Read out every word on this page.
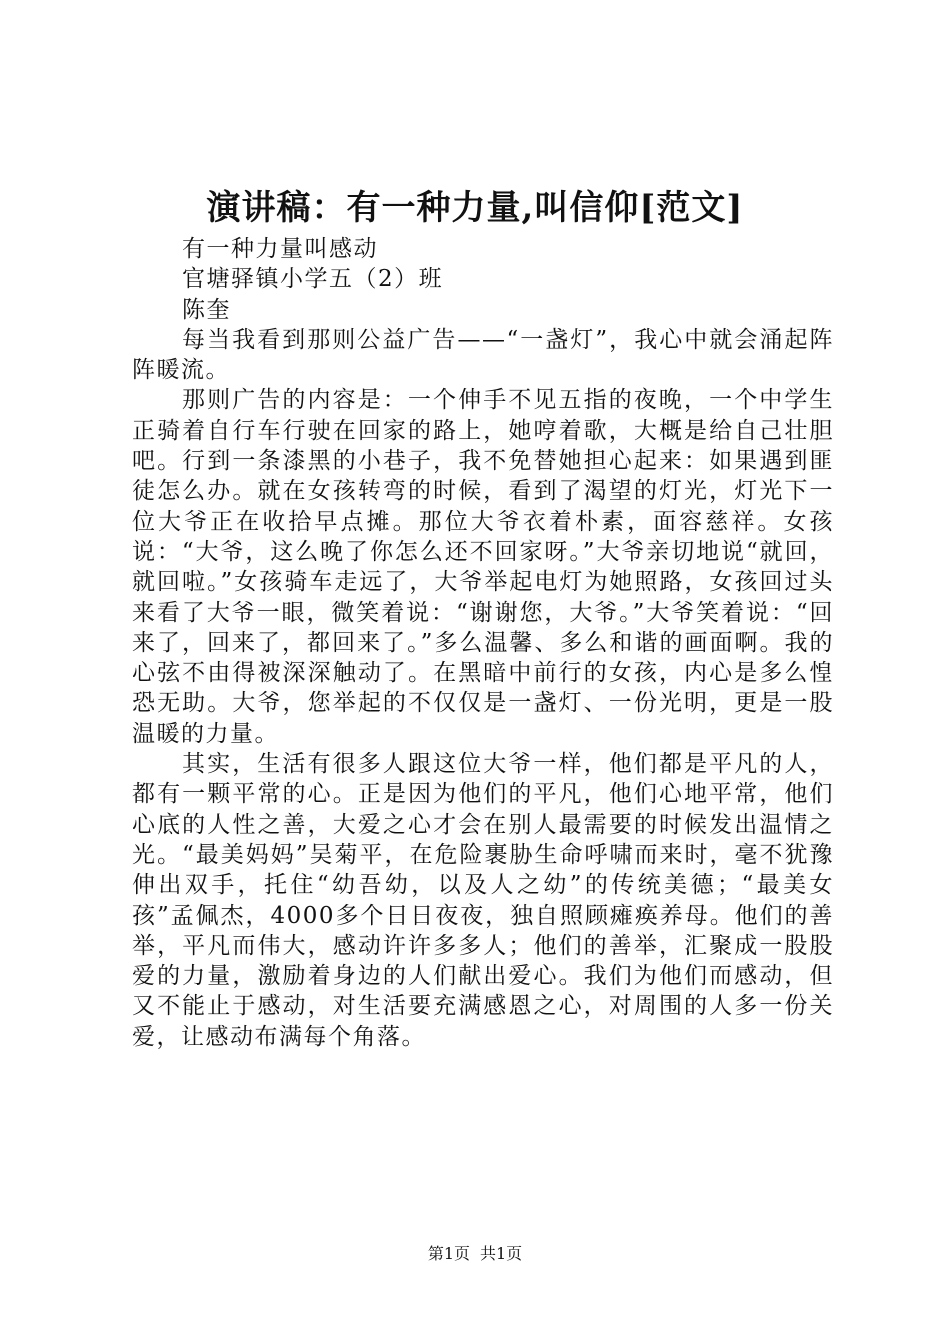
演讲稿：有一种力量,叫信仰[范文]

有一种力量叫感动

官塘驿镇小学五（2）班

陈奎

每当我看到那则公益广告——“一盏灯”，我心中就会涌起阵阵暖流。

那则广告的内容是：一个伸手不见五指的夜晚，一个中学生正骑着自行车行驶在回家的路上，她哼着歌，大概是给自己壮胆吧。行到一条漆黑的小巷子，我不免替她担心起来：如果遇到匪徒怎么办。就在女孩转弯的时候，看到了渴望的灯光，灯光下一位大爷正在收拾早点摊。那位大爷衣着朴素，面容慈祥。女孩说：“大爷，这么晚了你怎么还不回家呀。”大爷亲切地说“就回，就回啦。”女孩骑车走远了，大爷举起电灯为她照路，女孩回过头来看了大爷一眼，微笑着说：“谢谢您，大爷。”大爷笑着说：“回来了，回来了，都回来了。”多么温馨、多么和谐的画面啊。我的心弦不由得被深深触动了。在黑暗中前行的女孩，内心是多么惶恐无助。大爷，您举起的不仅仅是一盏灯、一份光明，更是一股温暖的力量。

其实，生活有很多人跟这位大爷一样，他们都是平凡的人，都有一颗平常的心。正是因为他们的平凡，他们心地平常，他们心底的人性之善，大爱之心才会在别人最需要的时候发出温情之光。“最美妈妈”吴菊平，在危险裹胁生命呼啸而来时，毫不犹豫伸出双手，托住“幼吾幼，以及人之幼”的传统美德；“最美女孩”孟佩杰，4000多个日日夜夜，独自照顾瘫痪养母。他们的善举，平凡而伟大，感动许许多多人；他们的善举，汇聚成一股股爱的力量，激励着身边的人们献出爱心。我们为他们而感动，但又不能止于感动，对生活要充满感恩之心，对周围的人多一份关爱，让感动布满每个角落。

第1页 共1页
